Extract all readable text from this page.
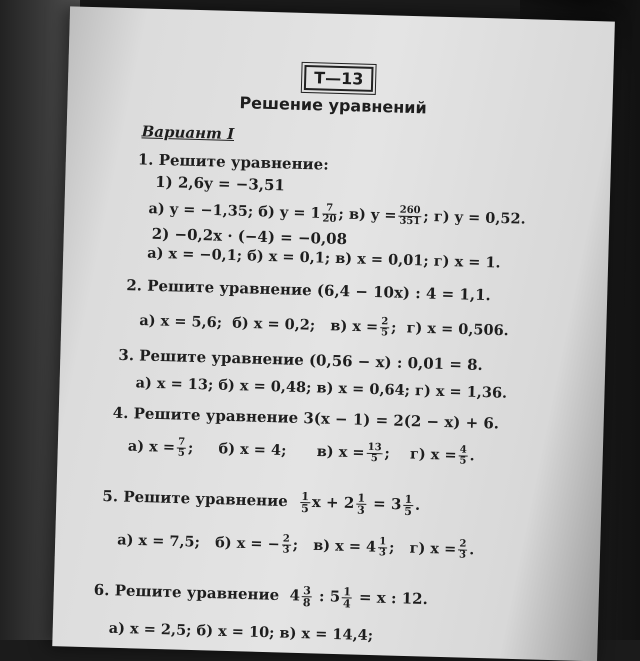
Т—13
Решение уравнений
Вариант I
1. Решите уравнение:
1) 2,6y = −3,51
а) y = −1,35; б) $y = 1 \frac{7}{20}$ ; в) $y = \frac{260}{351}$ ; г) y = 0,52.
2) −0,2x · (−4) = −0,08
а) x = −0,1; б) x = 0,1; в) x = 0,01; г) x = 1.
2. Решите уравнение (6,4 − 10x) : 4 = 1,1.
а) x = 5,6; б) x = 0,2; в) $x = \frac{2}{5}$ ; г) x = 0,506.
3. Решите уравнение (0,56 − x) : 0,01 = 8.
а) x = 13; б) x = 0,48; в) x = 0,64; г) x = 1,36.
4. Решите уравнение 3(x − 1) = 2(2 − x) + 6.
а) $x = \frac{7}{5}$ ; б) x = 4; в) $x = \frac{13}{5}$ ; г) $x = \frac{4}{5}$ .
5. Решите уравнение $\frac{1}{5}$ $x + 2 \frac{1}{3} = 3 \frac{1}{5}$ .
а) x = 7,5; б) x = − $\frac{2}{3}$ ; в) $x = 4 \frac{1}{3}$ ; г) $x = \frac{2}{3}$ .
6. Решите уравнение $4 \frac{3}{8}$ : $5 \frac{1}{4} = x$ : 12.
а) x = 2,5; б) x = 10; в) x = 14,4;
